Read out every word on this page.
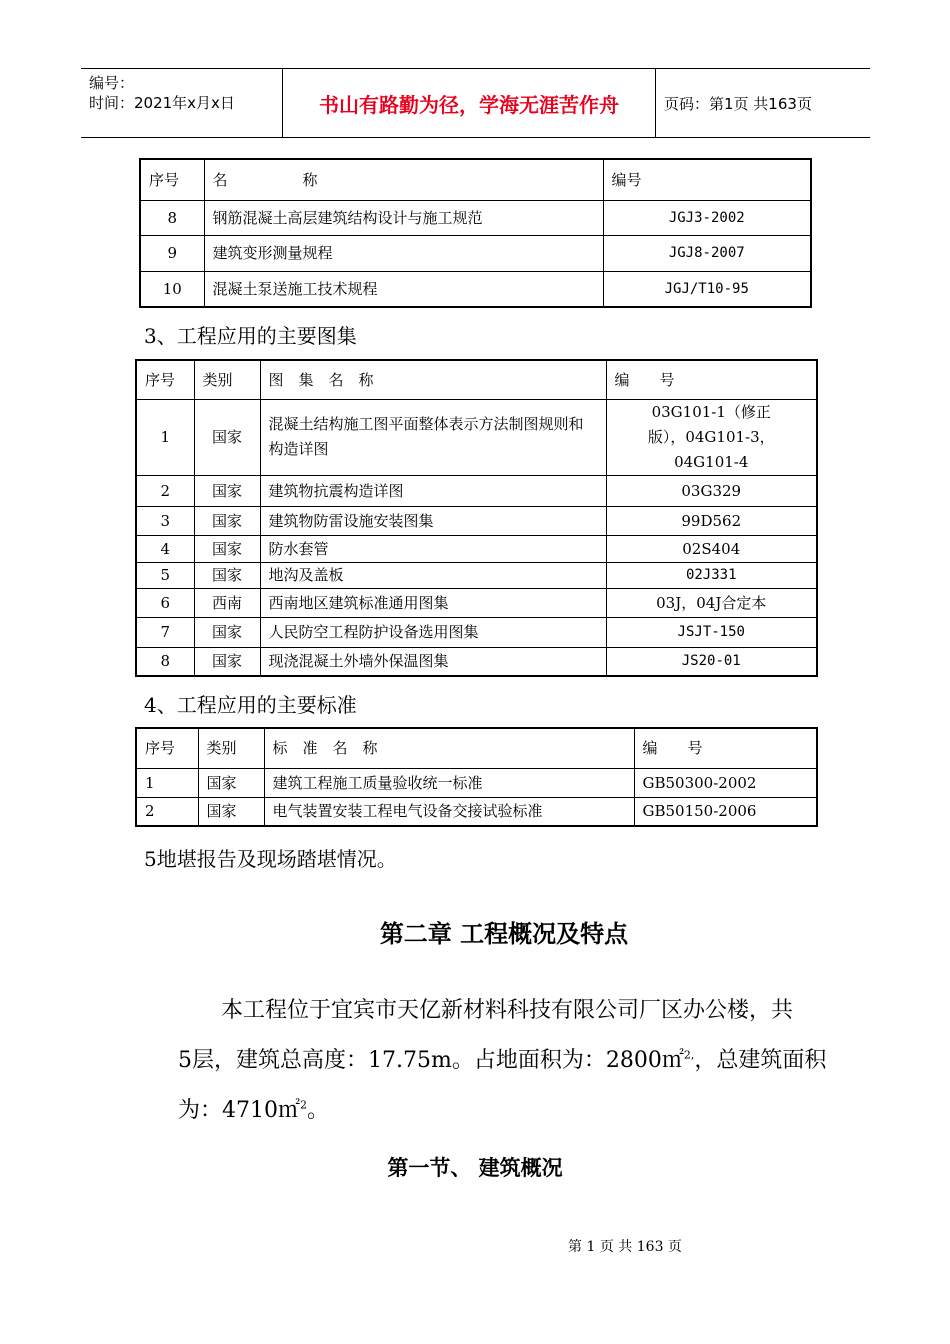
编号：
时间：2021年x月x日	书山有路勤为径，学海无涯苦作舟	页码：第1页 共163页
序号	名　　　　　称	编号
8	钢筋混凝土高层建筑结构设计与施工规范	JGJ3-2002
9	建筑变形测量规程	JGJ8-2007
10	混凝土泵送施工技术规程	JGJ/T10-95
3、工程应用的主要图集
序号	类别	图　集　名　称	编　　号
1	国家	混凝土结构施工图平面整体表示方法制图规则和构造详图	03G101-1（修正版），04G101-3，04G101-4
2	国家	建筑物抗震构造详图	03G329
3	国家	建筑物防雷设施安装图集	99D562
4	国家	防水套管	02S404
5	国家	地沟及盖板	02J331
6	西南	西南地区建筑标准通用图集	03J，04J合定本
7	国家	人民防空工程防护设备选用图集	JSJT-150
8	国家	现浇混凝土外墙外保温图集	JS20-01
4、工程应用的主要标准
序号	类别	标　准　名　称	编　　号
1	国家	建筑工程施工质量验收统一标准	GB50300-2002
2	国家	电气装置安装工程电气设备交接试验标准	GB50150-2006
5地堪报告及现场踏堪情况。
第二章 工程概况及特点
本工程位于宜宾市天亿新材料科技有限公司厂区办公楼，共
5层，建筑总高度：17.75m。占地面积为：2800㎡$^{2,}$，总建筑面积
为：4710㎡$^2$。
第一节、 建筑概况
第 1 页 共 163 页
